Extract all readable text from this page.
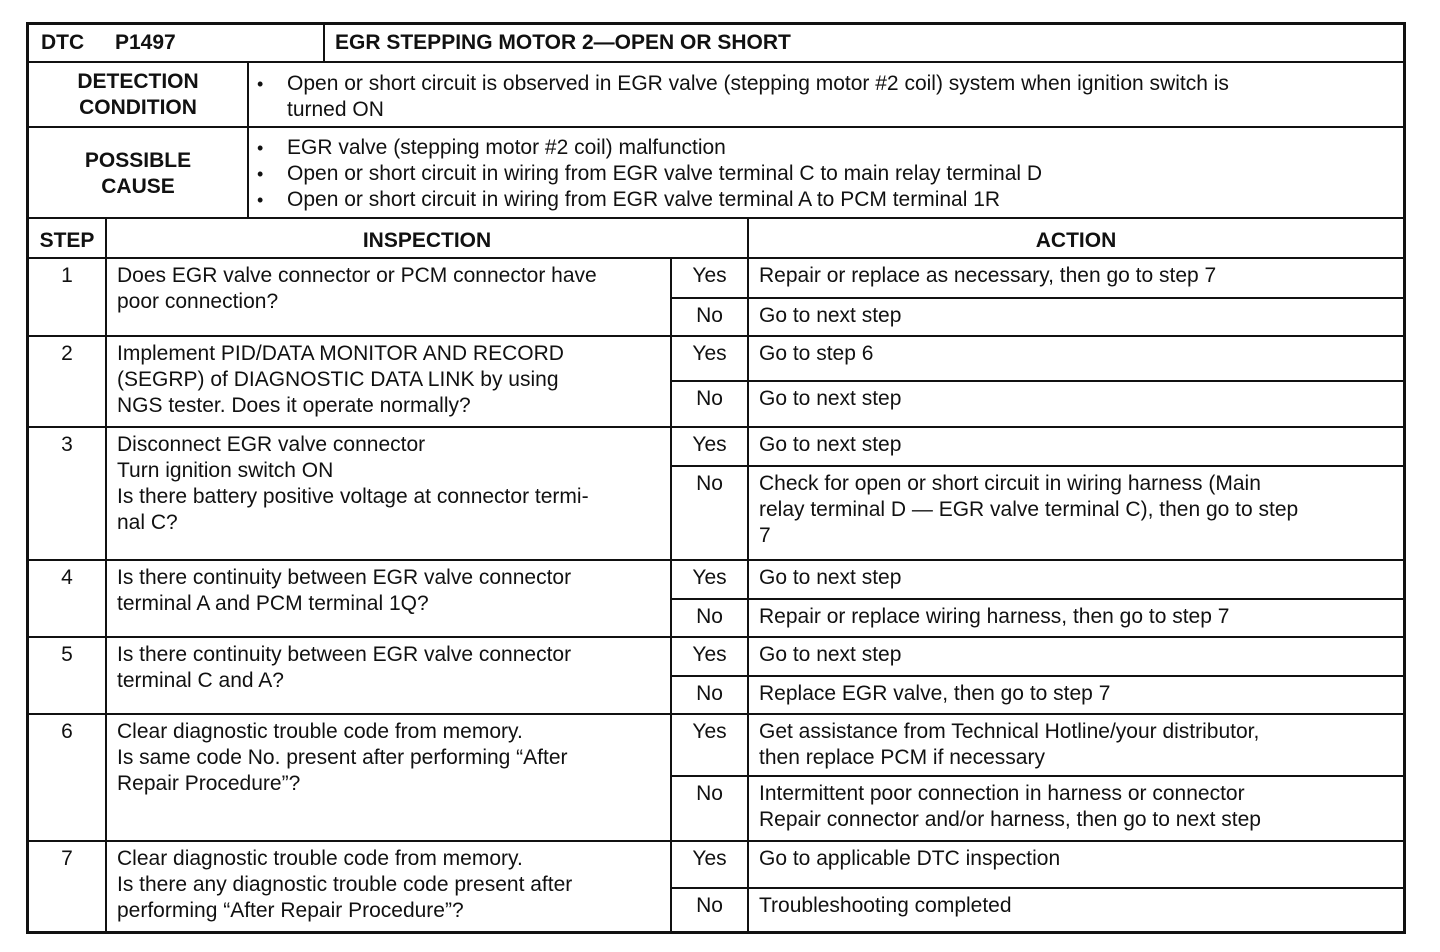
DTC P1497	EGR STEPPING MOTOR 2—OPEN OR SHORT
DETECTION
CONDITION
• Open or short circuit is observed in EGR valve (stepping motor #2 coil) system when ignition switch is
turned ON
POSSIBLE
CAUSE
• EGR valve (stepping motor #2 coil) malfunction
• Open or short circuit in wiring from EGR valve terminal C to main relay terminal D
• Open or short circuit in wiring from EGR valve terminal A to PCM terminal 1R
STEP	INSPECTION	ACTION
1	Does EGR valve connector or PCM connector have
poor connection?
Yes	Repair or replace as necessary, then go to step 7
No	Go to next step
2	Implement PID/DATA MONITOR AND RECORD
(SEGRP) of DIAGNOSTIC DATA LINK by using
NGS tester. Does it operate normally?
Yes	Go to step 6
No	Go to next step
3	Disconnect EGR valve connector
Turn ignition switch ON
Is there battery positive voltage at connector termi-
nal C?
Yes	Go to next step
No	Check for open or short circuit in wiring harness (Main
relay terminal D — EGR valve terminal C), then go to step
7
4	Is there continuity between EGR valve connector
terminal A and PCM terminal 1Q?
Yes	Go to next step
No	Repair or replace wiring harness, then go to step 7
5	Is there continuity between EGR valve connector
terminal C and A?
Yes	Go to next step
No	Replace EGR valve, then go to step 7
6	Clear diagnostic trouble code from memory.
Is same code No. present after performing “After
Repair Procedure”?
Yes	Get assistance from Technical Hotline/your distributor,
then replace PCM if necessary
No	Intermittent poor connection in harness or connector
Repair connector and/or harness, then go to next step
7	Clear diagnostic trouble code from memory.
Is there any diagnostic trouble code present after
performing “After Repair Procedure”?
Yes	Go to applicable DTC inspection
No	Troubleshooting completed
